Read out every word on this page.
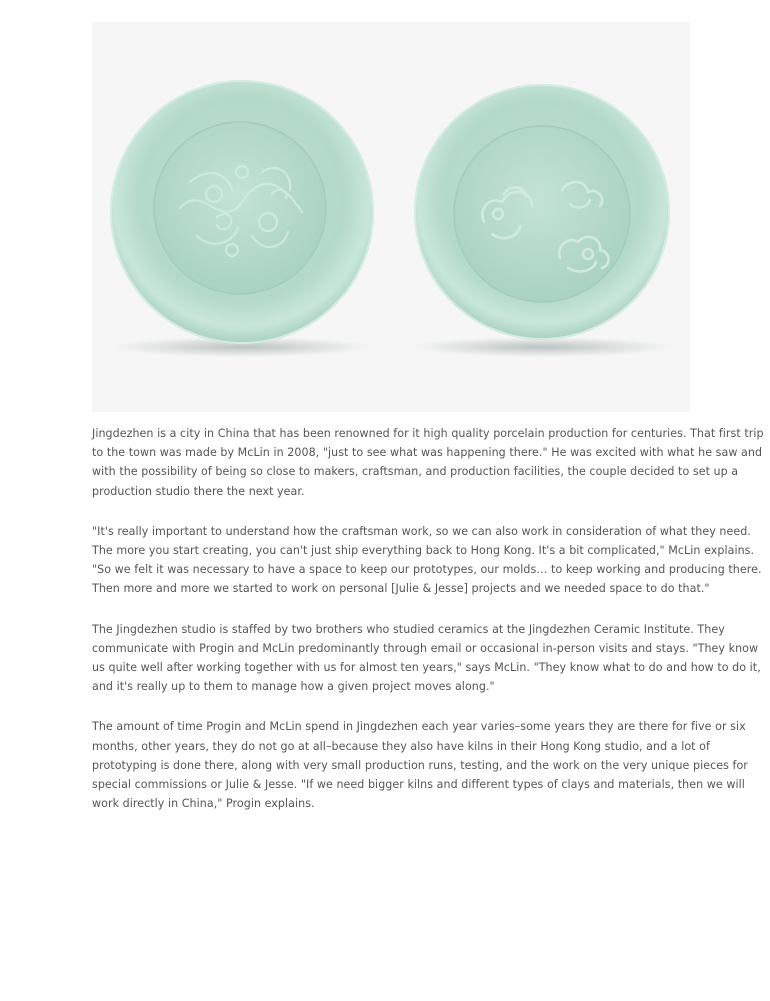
Jingdezhen is a city in China that has been renowned for it high quality porcelain production for centuries. That first trip
to the town was made by McLin in 2008, "just to see what was happening there." He was excited with what he saw and
with the possibility of being so close to makers, craftsman, and production facilities, the couple decided to set up a
production studio there the next year.

"It's really important to understand how the craftsman work, so we can also work in consideration of what they need.
The more you start creating, you can't just ship everything back to Hong Kong. It's a bit complicated," McLin explains.
"So we felt it was necessary to have a space to keep our prototypes, our molds… to keep working and producing there.
Then more and more we started to work on personal [Julie & Jesse] projects and we needed space to do that."

The Jingdezhen studio is staffed by two brothers who studied ceramics at the Jingdezhen Ceramic Institute. They
communicate with Progin and McLin predominantly through email or occasional in-person visits and stays. "They know
us quite well after working together with us for almost ten years," says McLin. "They know what to do and how to do it,
and it's really up to them to manage how a given project moves along."

The amount of time Progin and McLin spend in Jingdezhen each year varies–some years they are there for five or six
months, other years, they do not go at all–because they also have kilns in their Hong Kong studio, and a lot of
prototyping is done there, along with very small production runs, testing, and the work on the very unique pieces for
special commissions or Julie & Jesse. "If we need bigger kilns and different types of clays and materials, then we will
work directly in China," Progin explains.
